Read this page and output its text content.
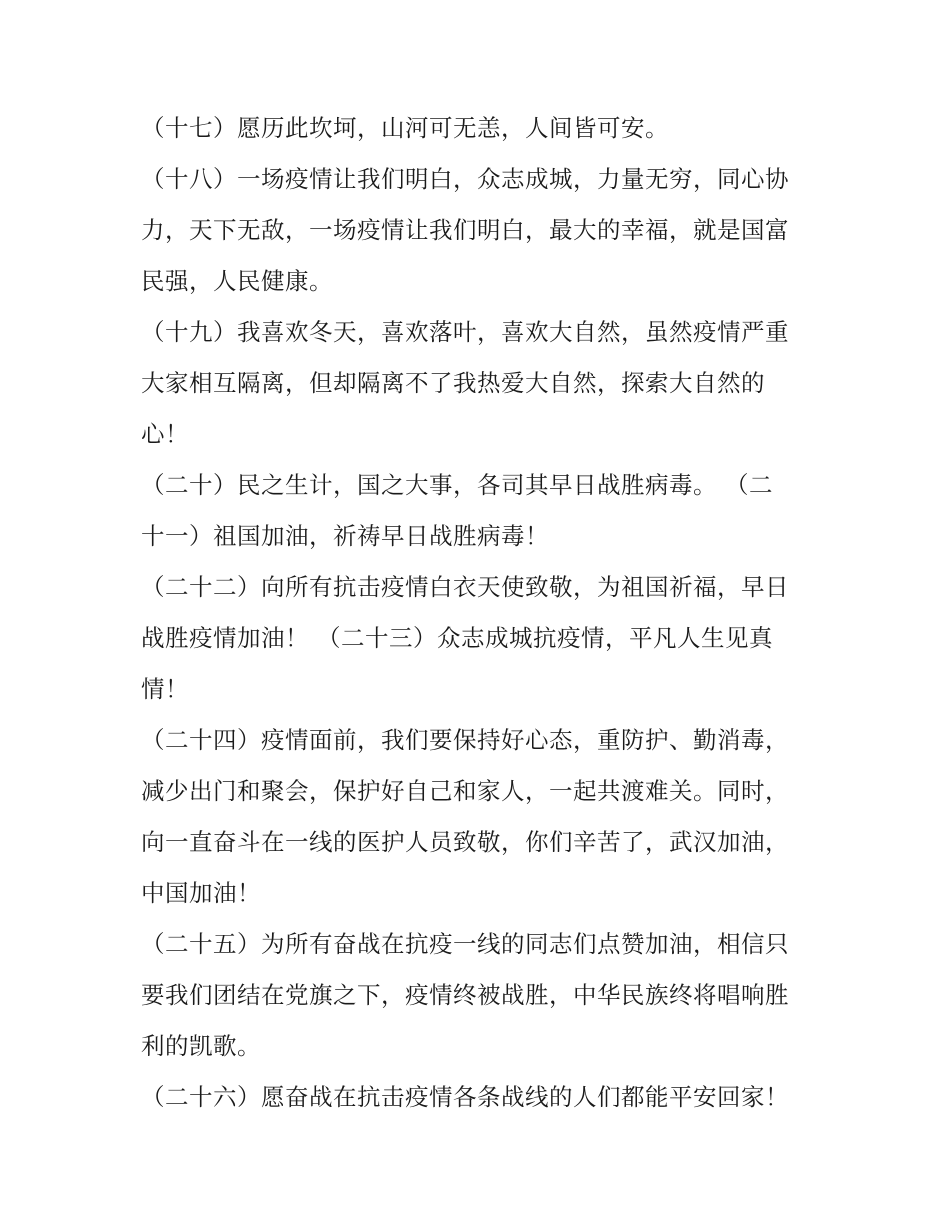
（十七）愿历此坎坷，山河可无恙，人间皆可安。

（十八）一场疫情让我们明白，众志成城，力量无穷，同心协
力，天下无敌，一场疫情让我们明白，最大的幸福，就是国富
民强，人民健康。

（十九）我喜欢冬天，喜欢落叶，喜欢大自然，虽然疫情严重
大家相互隔离，但却隔离不了我热爱大自然，探索大自然的
心！

（二十）民之生计，国之大事，各司其早日战胜病毒。 （二
十一）祖国加油，祈祷早日战胜病毒！

（二十二）向所有抗击疫情白衣天使致敬，为祖国祈福，早日
战胜疫情加油！ （二十三）众志成城抗疫情，平凡人生见真
情！

（二十四）疫情面前，我们要保持好心态，重防护、勤消毒，
减少出门和聚会，保护好自己和家人，一起共渡难关。同时，
向一直奋斗在一线的医护人员致敬，你们辛苦了，武汉加油，
中国加油！

（二十五）为所有奋战在抗疫一线的同志们点赞加油，相信只
要我们团结在党旗之下，疫情终被战胜，中华民族终将唱响胜
利的凯歌。

（二十六）愿奋战在抗击疫情各条战线的人们都能平安回家！
